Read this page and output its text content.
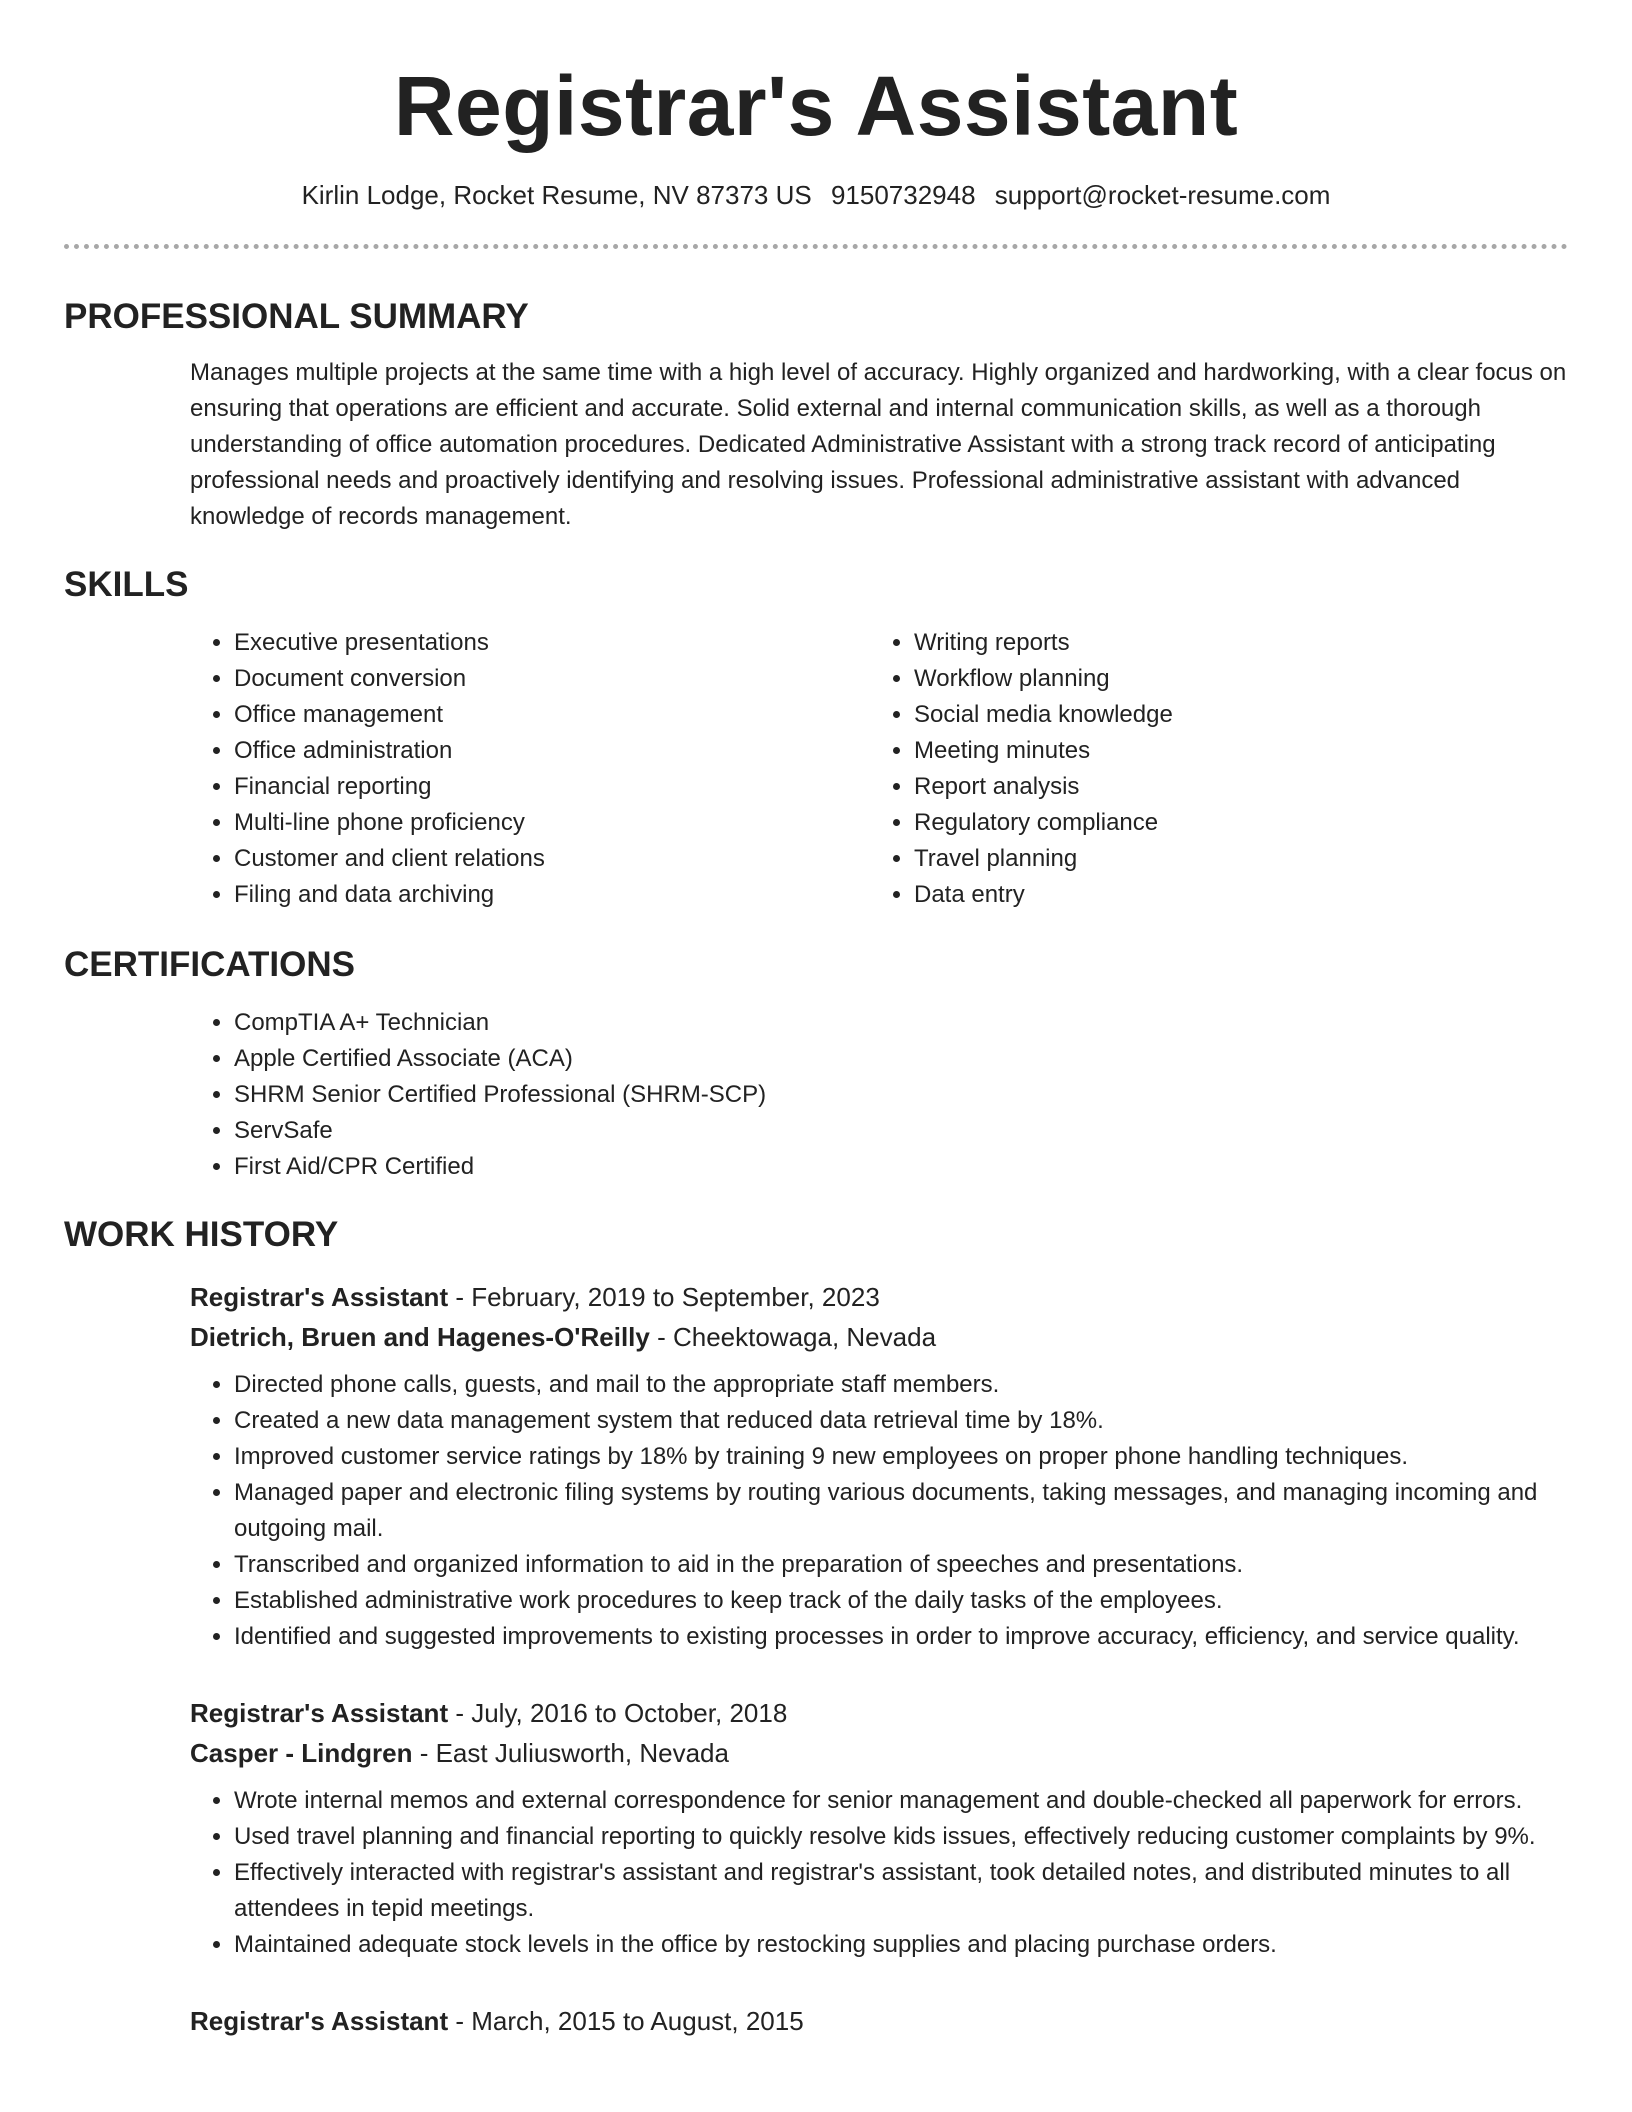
Registrar's Assistant
Kirlin Lodge, Rocket Resume, NV 87373 US 9150732948 support@rocket-resume.com
PROFESSIONAL SUMMARY
Manages multiple projects at the same time with a high level of accuracy. Highly organized and hardworking, with a clear focus on ensuring that operations are efficient and accurate. Solid external and internal communication skills, as well as a thorough understanding of office automation procedures. Dedicated Administrative Assistant with a strong track record of anticipating professional needs and proactively identifying and resolving issues. Professional administrative assistant with advanced knowledge of records management.
SKILLS
• Executive presentations
• Document conversion
• Office management
• Office administration
• Financial reporting
• Multi-line phone proficiency
• Customer and client relations
• Filing and data archiving
• Writing reports
• Workflow planning
• Social media knowledge
• Meeting minutes
• Report analysis
• Regulatory compliance
• Travel planning
• Data entry
CERTIFICATIONS
• CompTIA A+ Technician
• Apple Certified Associate (ACA)
• SHRM Senior Certified Professional (SHRM-SCP)
• ServSafe
• First Aid/CPR Certified
WORK HISTORY
Registrar's Assistant - February, 2019 to September, 2023
Dietrich, Bruen and Hagenes-O'Reilly - Cheektowaga, Nevada
• Directed phone calls, guests, and mail to the appropriate staff members.
• Created a new data management system that reduced data retrieval time by 18%.
• Improved customer service ratings by 18% by training 9 new employees on proper phone handling techniques.
• Managed paper and electronic filing systems by routing various documents, taking messages, and managing incoming and outgoing mail.
• Transcribed and organized information to aid in the preparation of speeches and presentations.
• Established administrative work procedures to keep track of the daily tasks of the employees.
• Identified and suggested improvements to existing processes in order to improve accuracy, efficiency, and service quality.
Registrar's Assistant - July, 2016 to October, 2018
Casper - Lindgren - East Juliusworth, Nevada
• Wrote internal memos and external correspondence for senior management and double-checked all paperwork for errors.
• Used travel planning and financial reporting to quickly resolve kids issues, effectively reducing customer complaints by 9%.
• Effectively interacted with registrar's assistant and registrar's assistant, took detailed notes, and distributed minutes to all attendees in tepid meetings.
• Maintained adequate stock levels in the office by restocking supplies and placing purchase orders.
Registrar's Assistant - March, 2015 to August, 2015
